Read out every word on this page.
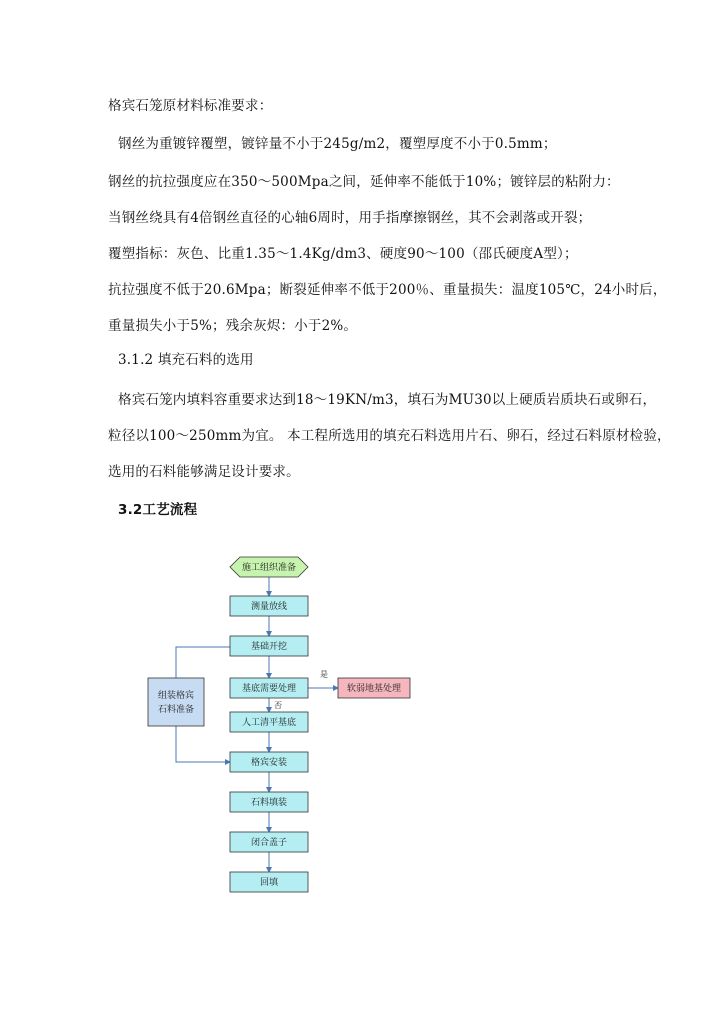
格宾石笼原材料标准要求：
钢丝为重镀锌覆塑，镀锌量不小于245g/m2，覆塑厚度不小于0.5mm；
钢丝的抗拉强度应在350～500Mpa之间，延伸率不能低于10%；镀锌层的粘附力：
当钢丝绕具有4倍钢丝直径的心轴6周时，用手指摩擦钢丝，其不会剥落或开裂；
覆塑指标：灰色、比重1.35～1.4Kg/dm3、硬度90～100（邵氏硬度A型）；
抗拉强度不低于20.6Mpa；断裂延伸率不低于200％、重量损失：温度105℃，24小时后，
重量损失小于5%；残余灰烬：小于2%。
3.1.2 填充石料的选用
格宾石笼内填料容重要求达到18～19KN/m3，填石为MU30以上硬质岩质块石或卵石，
粒径以100～250mm为宜。 本工程所选用的填充石料选用片石、卵石，经过石料原材检验，
选用的石料能够满足设计要求。
3.2工艺流程
施工组织准备
测量放线
基础开挖
基底需要处理
人工清平基底
格宾安装
石料填装
闭合盖子
回填
组装格宾
石料准备
软弱地基处理
是
否
